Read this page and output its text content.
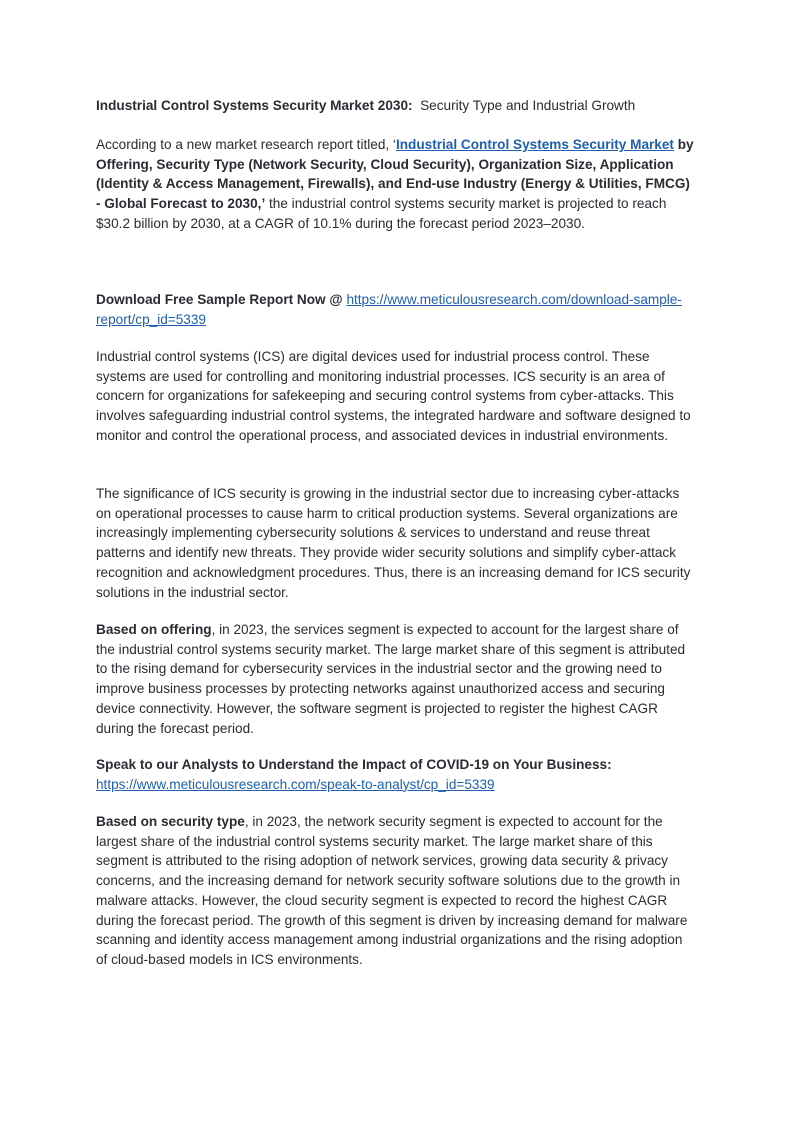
Industrial Control Systems Security Market 2030:  Security Type and Industrial Growth
According to a new market research report titled, ‘Industrial Control Systems Security Market by Offering, Security Type (Network Security, Cloud Security), Organization Size, Application (Identity & Access Management, Firewalls), and End-use Industry (Energy & Utilities, FMCG) - Global Forecast to 2030,’ the industrial control systems security market is projected to reach $30.2 billion by 2030, at a CAGR of 10.1% during the forecast period 2023–2030.
Download Free Sample Report Now @ https://www.meticulousresearch.com/download-sample-report/cp_id=5339
Industrial control systems (ICS) are digital devices used for industrial process control. These systems are used for controlling and monitoring industrial processes. ICS security is an area of concern for organizations for safekeeping and securing control systems from cyber-attacks. This involves safeguarding industrial control systems, the integrated hardware and software designed to monitor and control the operational process, and associated devices in industrial environments.
The significance of ICS security is growing in the industrial sector due to increasing cyber-attacks on operational processes to cause harm to critical production systems. Several organizations are increasingly implementing cybersecurity solutions & services to understand and reuse threat patterns and identify new threats. They provide wider security solutions and simplify cyber-attack recognition and acknowledgment procedures. Thus, there is an increasing demand for ICS security solutions in the industrial sector.
Based on offering, in 2023, the services segment is expected to account for the largest share of the industrial control systems security market. The large market share of this segment is attributed to the rising demand for cybersecurity services in the industrial sector and the growing need to improve business processes by protecting networks against unauthorized access and securing device connectivity. However, the software segment is projected to register the highest CAGR during the forecast period.
Speak to our Analysts to Understand the Impact of COVID-19 on Your Business: https://www.meticulousresearch.com/speak-to-analyst/cp_id=5339
Based on security type, in 2023, the network security segment is expected to account for the largest share of the industrial control systems security market. The large market share of this segment is attributed to the rising adoption of network services, growing data security & privacy concerns, and the increasing demand for network security software solutions due to the growth in malware attacks. However, the cloud security segment is expected to record the highest CAGR during the forecast period. The growth of this segment is driven by increasing demand for malware scanning and identity access management among industrial organizations and the rising adoption of cloud-based models in ICS environments.
